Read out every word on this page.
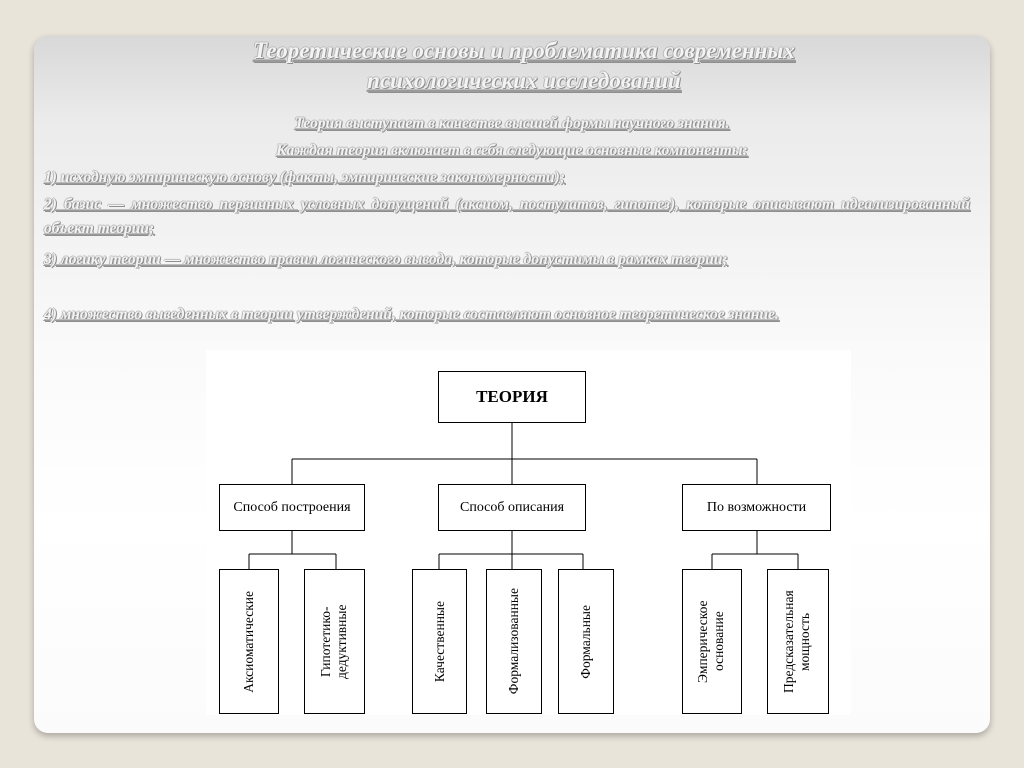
Теоретические основы и проблематика современных
психологических исследований
Теория выступает в качестве высшей формы научного знания.
Каждая теория включает в себя следующие основные компоненты:
1) исходную эмпирическую основу (факты, эмпирические закономерности);
2) базис — множество первичных условных допущений (аксиом, постулатов, гипотез), которые описывают идеализированный объект теории;
3) логику теории — множество правил логического вывода, которые допустимы в рамках теории;
4) множество выведенных в теории утверждений, которые составляют основное теоретическое знание.
ТЕОРИЯ
Способ построения	Способ описания	По возможности
Аксиоматические	Гипотетико-дедуктивные	Качественные	Формализованные	Формальные	Эмперическое основание	Предсказательная мощность
